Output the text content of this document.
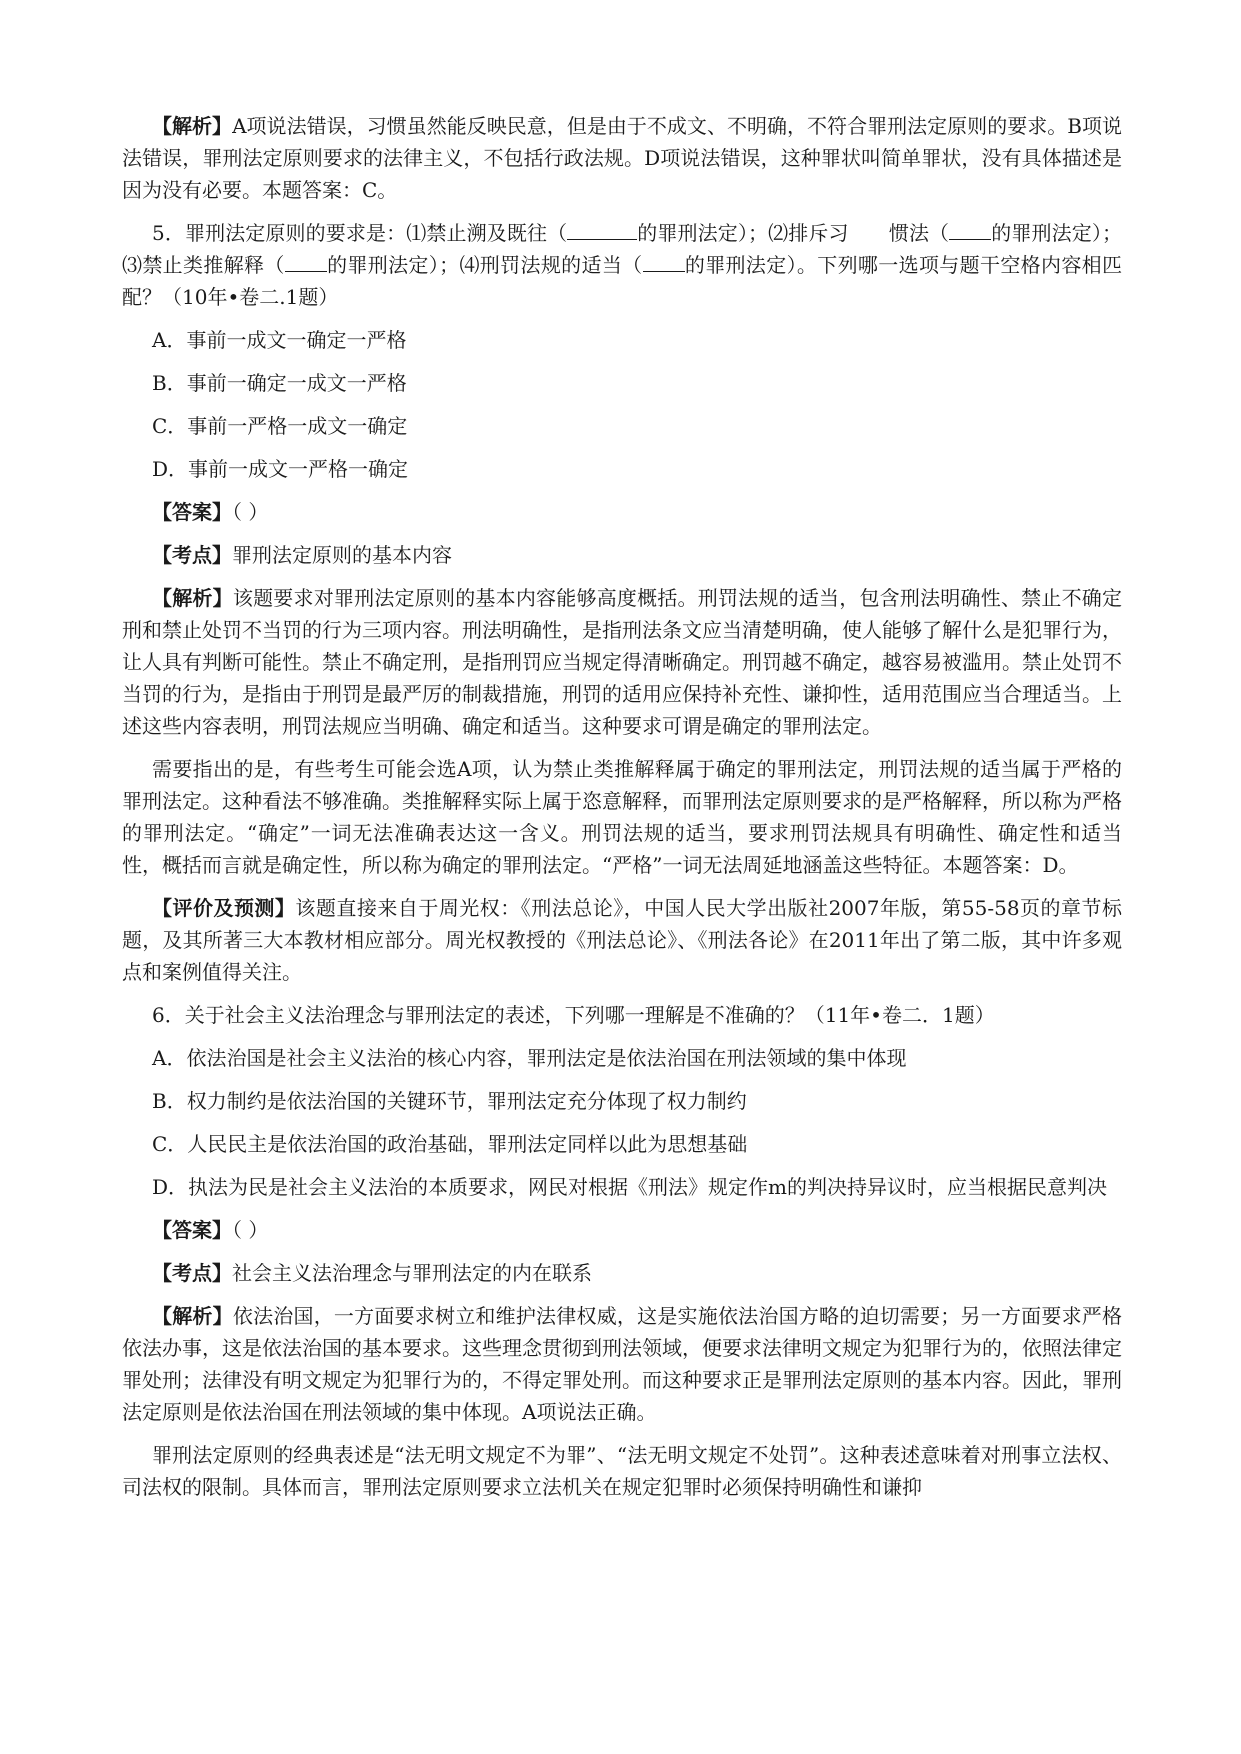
【解析】A项说法错误，习惯虽然能反映民意，但是由于不成文、不明确，不符合罪刑法定原则的要求。B项说法错误，罪刑法定原则要求的法律主义，不包括行政法规。D项说法错误，这种罪状叫简单罪状，没有具体描述是因为没有必要。本题答案：C。

5．罪刑法定原则的要求是：⑴禁止溯及既往（	的罪刑法定）；⑵排斥习　　惯法（ 的罪刑法定）；⑶禁止类推解释（ 的罪刑法定）；⑷刑罚法规的适当（ 的罪刑法定）。下列哪一选项与题干空格内容相匹配？（10年•卷二.1题）

A．事前一成文一确定一严格

B．事前一确定一成文一严格

C．事前一严格一成文一确定

D．事前一成文一严格一确定

【答案】（ ）

【考点】罪刑法定原则的基本内容

【解析】该题要求对罪刑法定原则的基本内容能够高度概括。刑罚法规的适当，包含刑法明确性、禁止不确定刑和禁止处罚不当罚的行为三项内容。刑法明确性，是指刑法条文应当清楚明确，使人能够了解什么是犯罪行为，让人具有判断可能性。禁止不确定刑，是指刑罚应当规定得清晰确定。刑罚越不确定，越容易被滥用。禁止处罚不当罚的行为，是指由于刑罚是最严厉的制裁措施，刑罚的适用应保持补充性、谦抑性，适用范围应当合理适当。上述这些内容表明，刑罚法规应当明确、确定和适当。这种要求可谓是确定的罪刑法定。

需要指出的是，有些考生可能会选A项，认为禁止类推解释属于确定的罪刑法定，刑罚法规的适当属于严格的罪刑法定。这种看法不够准确。类推解释实际上属于恣意解释，而罪刑法定原则要求的是严格解释，所以称为严格的罪刑法定。“确定”一词无法准确表达这一含义。刑罚法规的适当，要求刑罚法规具有明确性、确定性和适当性，概括而言就是确定性，所以称为确定的罪刑法定。“严格”一词无法周延地涵盖这些特征。本题答案：D。

【评价及预测】该题直接来自于周光权：《刑法总论》，中国人民大学出版社2007年版，第55-58页的章节标题，及其所著三大本教材相应部分。周光权教授的《刑法总论》、《刑法各论》在2011年出了第二版，其中许多观点和案例值得关注。

6．关于社会主义法治理念与罪刑法定的表述，下列哪一理解是不准确的？（11年•卷二．1题）

A．依法治国是社会主义法治的核心内容，罪刑法定是依法治国在刑法领域的集中体现

B．权力制约是依法治国的关键环节，罪刑法定充分体现了权力制约

C．人民民主是依法治国的政治基础，罪刑法定同样以此为思想基础

D．执法为民是社会主义法治的本质要求，网民对根据《刑法》规定作m的判决持异议时，应当根据民意判决

【答案】（ ）

【考点】社会主义法治理念与罪刑法定的内在联系

【解析】依法治国，一方面要求树立和维护法律权威，这是实施依法治国方略的迫切需要；另一方面要求严格依法办事，这是依法治国的基本要求。这些理念贯彻到刑法领域，便要求法律明文规定为犯罪行为的，依照法律定罪处刑；法律没有明文规定为犯罪行为的，不得定罪处刑。而这种要求正是罪刑法定原则的基本内容。因此，罪刑法定原则是依法治国在刑法领域的集中体现。A项说法正确。

罪刑法定原则的经典表述是“法无明文规定不为罪”、“法无明文规定不处罚”。这种表述意味着对刑事立法权、司法权的限制。具体而言，罪刑法定原则要求立法机关在规定犯罪时必须保持明确性和谦抑
